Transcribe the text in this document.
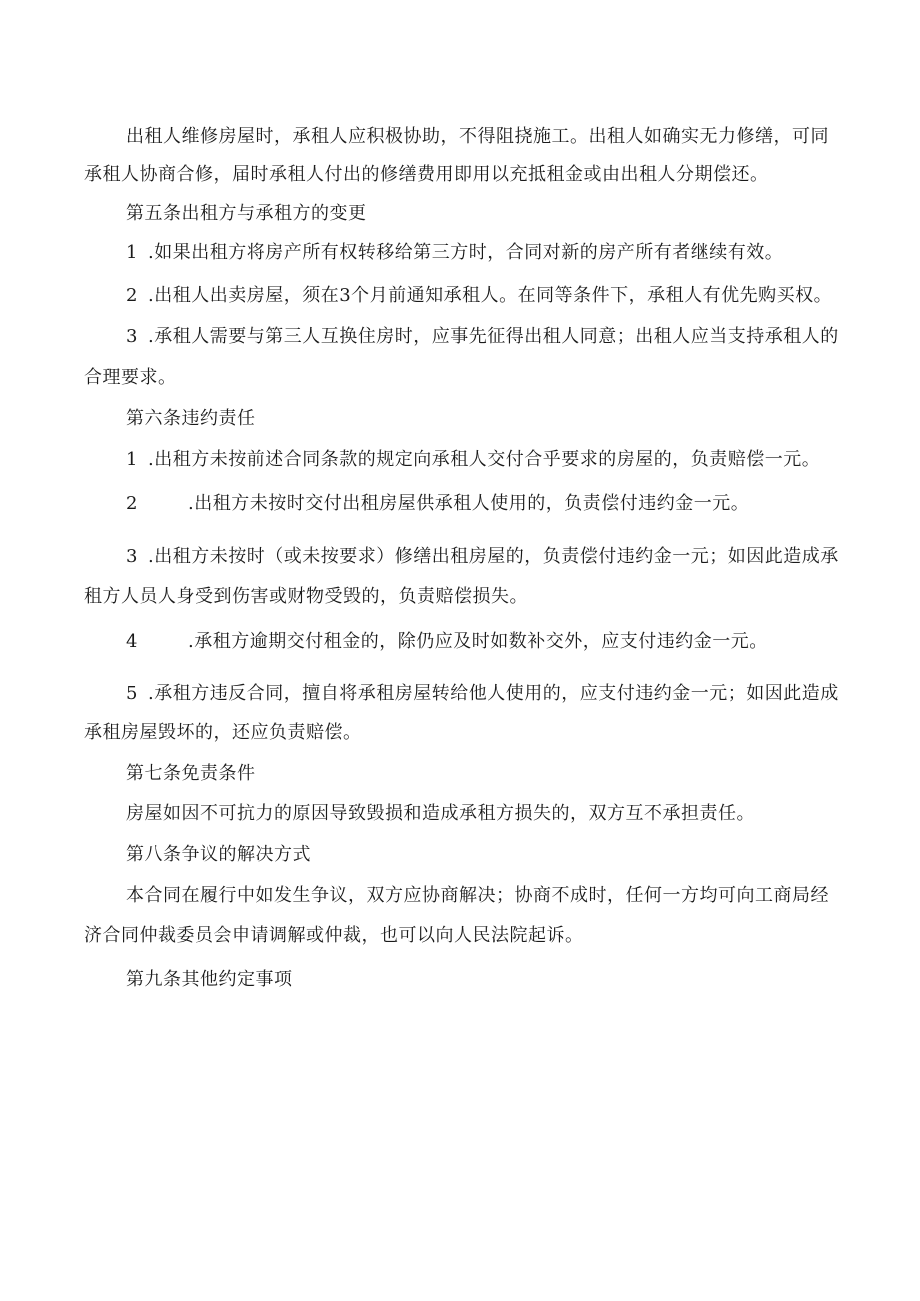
出租人维修房屋时，承租人应积极协助，不得阻挠施工。出租人如确实无力修缮，可同
承租人协商合修，届时承租人付出的修缮费用即用以充抵租金或由出租人分期偿还。
第五条出租方与承租方的变更
1 .如果出租方将房产所有权转移给第三方时，合同对新的房产所有者继续有效。
2 .出租人出卖房屋，须在3个月前通知承租人。在同等条件下，承租人有优先购买权。
3 .承租人需要与第三人互换住房时，应事先征得出租人同意；出租人应当支持承租人的
合理要求。
第六条违约责任
1 .出租方未按前述合同条款的规定向承租人交付合乎要求的房屋的，负责赔偿一元。
2	.出租方未按时交付出租房屋供承租人使用的，负责偿付违约金一元。
3 .出租方未按时（或未按要求）修缮出租房屋的，负责偿付违约金一元；如因此造成承
租方人员人身受到伤害或财物受毁的，负责赔偿损失。
4	.承租方逾期交付租金的，除仍应及时如数补交外，应支付违约金一元。
5 .承租方违反合同，擅自将承租房屋转给他人使用的，应支付违约金一元；如因此造成
承租房屋毁坏的，还应负责赔偿。
第七条免责条件
房屋如因不可抗力的原因导致毁损和造成承租方损失的，双方互不承担责任。
第八条争议的解决方式
本合同在履行中如发生争议，双方应协商解决；协商不成时，任何一方均可向工商局经
济合同仲裁委员会申请调解或仲裁，也可以向人民法院起诉。
第九条其他约定事项
